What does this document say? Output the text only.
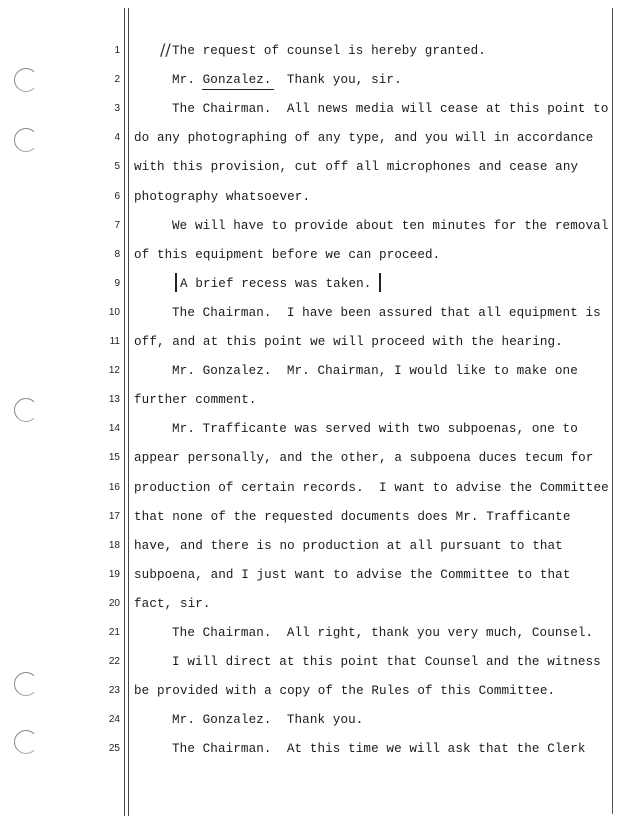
//
1	The request of counsel is hereby granted.
2	Mr. Gonzalez.  Thank you, sir.
3	The Chairman.  All news media will cease at this point to
4 do any photographing of any type, and you will in accordance
5 with this provision, cut off all microphones and cease any
6 photography whatsoever.
7	We will have to provide about ten minutes for the removal
8 of this equipment before we can proceed.
9	A brief recess was taken.
10	The Chairman.  I have been assured that all equipment is
11 off, and at this point we will proceed with the hearing.
12	Mr. Gonzalez.  Mr. Chairman, I would like to make one
13 further comment.
14	Mr. Trafficante was served with two subpoenas, one to
15 appear personally, and the other, a subpoena duces tecum for
16 production of certain records.  I want to advise the Committee
17 that none of the requested documents does Mr. Trafficante
18 have, and there is no production at all pursuant to that
19 subpoena, and I just want to advise the Committee to that
20 fact, sir.
21	The Chairman.  All right, thank you very much, Counsel.
22	I will direct at this point that Counsel and the witness
23 be provided with a copy of the Rules of this Committee.
24	Mr. Gonzalez.  Thank you.
25	The Chairman.  At this time we will ask that the Clerk
